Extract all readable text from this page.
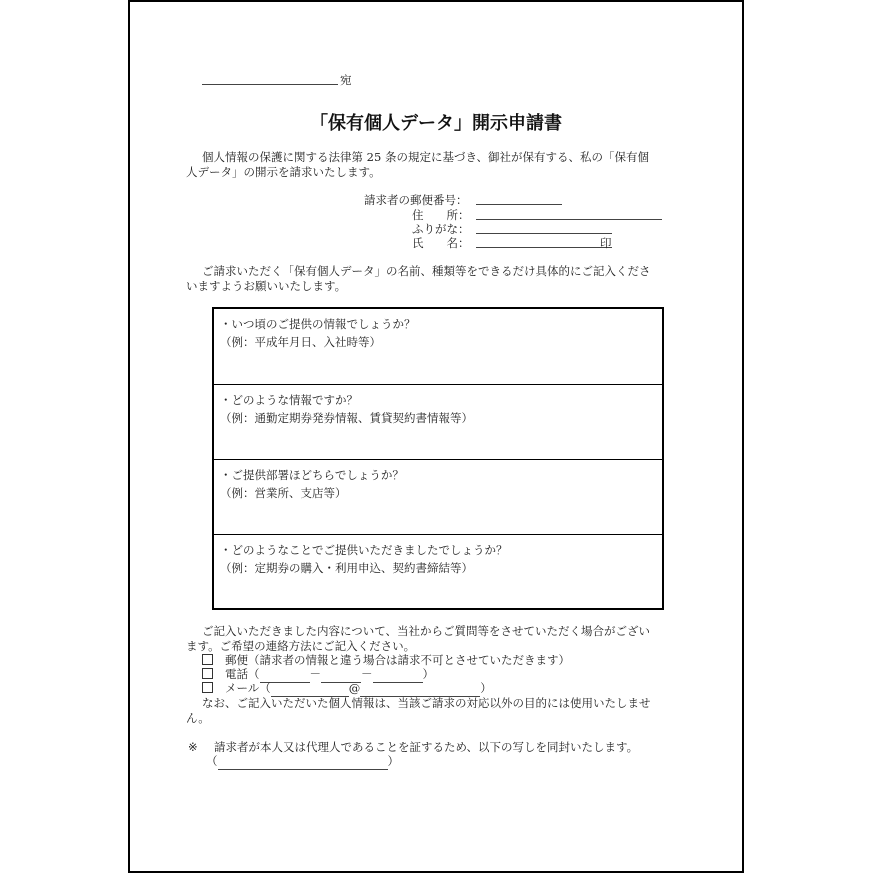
宛
「保有個人データ」開示申請書
個人情報の保護に関する法律第 25 条の規定に基づき、御社が保有する、私の「保有個
人データ」の開示を請求いたします。
請求者の郵便番号：
住　　所：
ふりがな：
氏　　名：	印
ご請求いただく「保有個人データ」の名前、種類等をできるだけ具体的にご記入くださ
いますようお願いいたします。
・いつ頃のご提供の情報でしょうか？
（例：平成年月日、入社時等）
・どのような情報ですか？
（例：通勤定期券発券情報、賃貸契約書情報等）
・ご提供部署ほどちらでしょうか？
（例：営業所、支店等）
・どのようなことでご提供いただきましたでしょうか？
（例：定期券の購入・利用申込、契約書締結等）
ご記入いただきました内容について、当社からご質問等をさせていただく場合がござい
ます。ご希望の連絡方法にご記入ください。
郵便（請求者の情報と違う場合は請求不可とさせていただきます）
電話（	－	－	）
メール（	@	）
なお、ご記入いただいた個人情報は、当該ご請求の対応以外の目的には使用いたしませ
ん。
※ 請求者が本人又は代理人であることを証するため、以下の写しを同封いたします。
（	）
